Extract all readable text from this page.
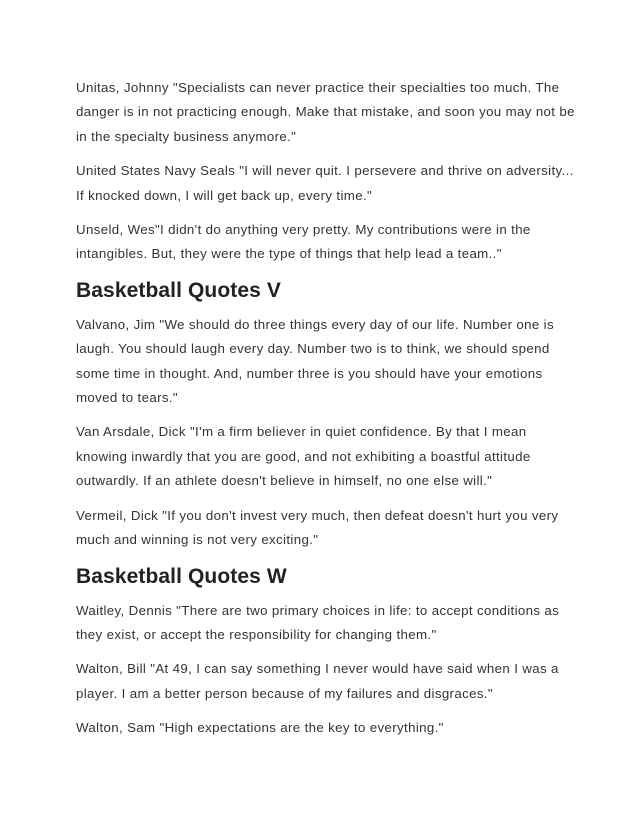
Unitas, Johnny "Specialists can never practice their specialties too much. The danger is in not practicing enough. Make that mistake, and soon you may not be in the specialty business anymore."

United States Navy Seals "I will never quit. I persevere and thrive on adversity... If knocked down, I will get back up, every time."

Unseld, Wes"I didn't do anything very pretty. My contributions were in the intangibles. But, they were the type of things that help lead a team.."

Basketball Quotes V

Valvano, Jim "We should do three things every day of our life. Number one is laugh. You should laugh every day. Number two is to think, we should spend some time in thought. And, number three is you should have your emotions moved to tears."

Van Arsdale, Dick "I'm a firm believer in quiet confidence. By that I mean knowing inwardly that you are good, and not exhibiting a boastful attitude outwardly. If an athlete doesn't believe in himself, no one else will."

Vermeil, Dick "If you don't invest very much, then defeat doesn't hurt you very much and winning is not very exciting."

Basketball Quotes W

Waitley, Dennis "There are two primary choices in life: to accept conditions as they exist, or accept the responsibility for changing them."

Walton, Bill "At 49, I can say something I never would have said when I was a player. I am a better person because of my failures and disgraces."

Walton, Sam "High expectations are the key to everything."
